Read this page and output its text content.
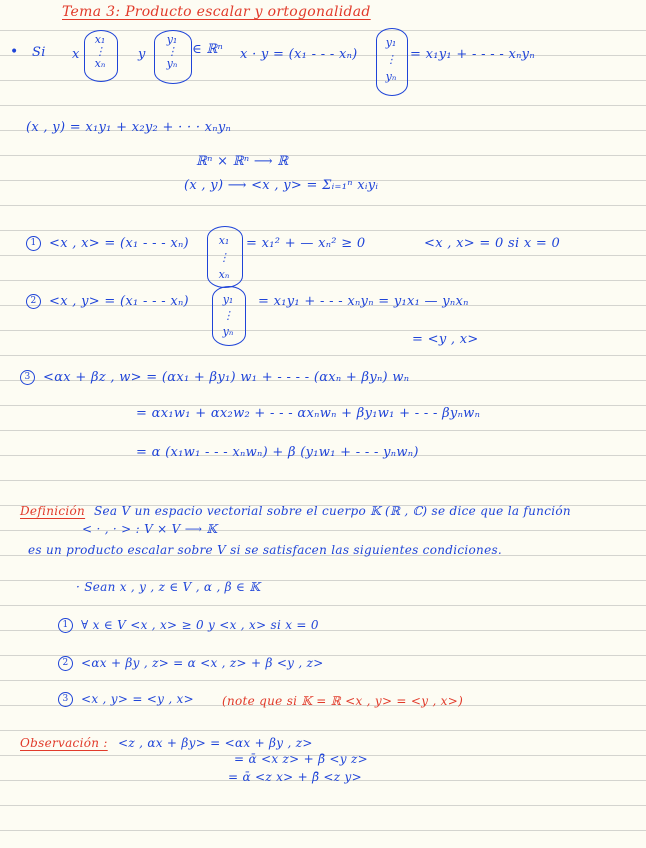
Tema 3: Producto escalar y ortogonalidad
• Si x
x₁
⋮
xₙ
y
y₁
⋮
yₙ
∈ ℝⁿ x · y = (x₁ - - - xₙ)
y₁
⋮
yₙ
= x₁y₁ + - - - - xₙyₙ
(x , y) = x₁y₁ + x₂y₂ + · · · xₙyₙ
ℝⁿ × ℝⁿ ⟶ ℝ
(x , y) ⟶ <x , y> = Σᵢ₌₁ⁿ xᵢyᵢ
1 <x , x> = (x₁ - - - xₙ)	x₁
⋮
xₙ
= x₁² + — xₙ² ≥ 0	<x , x> = 0 si x = 0
2 <x , y> = (x₁ - - - xₙ)	y₁
⋮
yₙ
= x₁y₁ + - - - xₙyₙ = y₁x₁ — yₙxₙ
= <y , x>
3 <αx + βz , w> = (αx₁ + βy₁) w₁ + - - - - (αxₙ + βyₙ) wₙ
= αx₁w₁ + αx₂w₂ + - - - αxₙwₙ + βy₁w₁ + - - - βyₙwₙ
= α (x₁w₁ - - - xₙwₙ) + β (y₁w₁ + - - - yₙwₙ)
Definición Sea V un espacio vectorial sobre el cuerpo 𝕂 (ℝ , ℂ) se dice que la función
< · , · > : V × V ⟶ 𝕂
es un producto escalar sobre V si se satisfacen las siguientes condiciones.
· Sean x , y , z ∈ V , α , β ∈ 𝕂
1 ∀ x ∈ V <x , x> ≥ 0 y <x , x> si x = 0
2 <αx + βy , z> = α <x , z> + β <y , z>
3 <x , y> = <y , x> (note que si 𝕂 = ℝ <x , y> = <y , x>)
Observación : <z , αx + βy> = <αx + βy , z>
= ᾱ <x z> + β̄ <y z>
= ᾱ <z x> + β̄ <z y>
